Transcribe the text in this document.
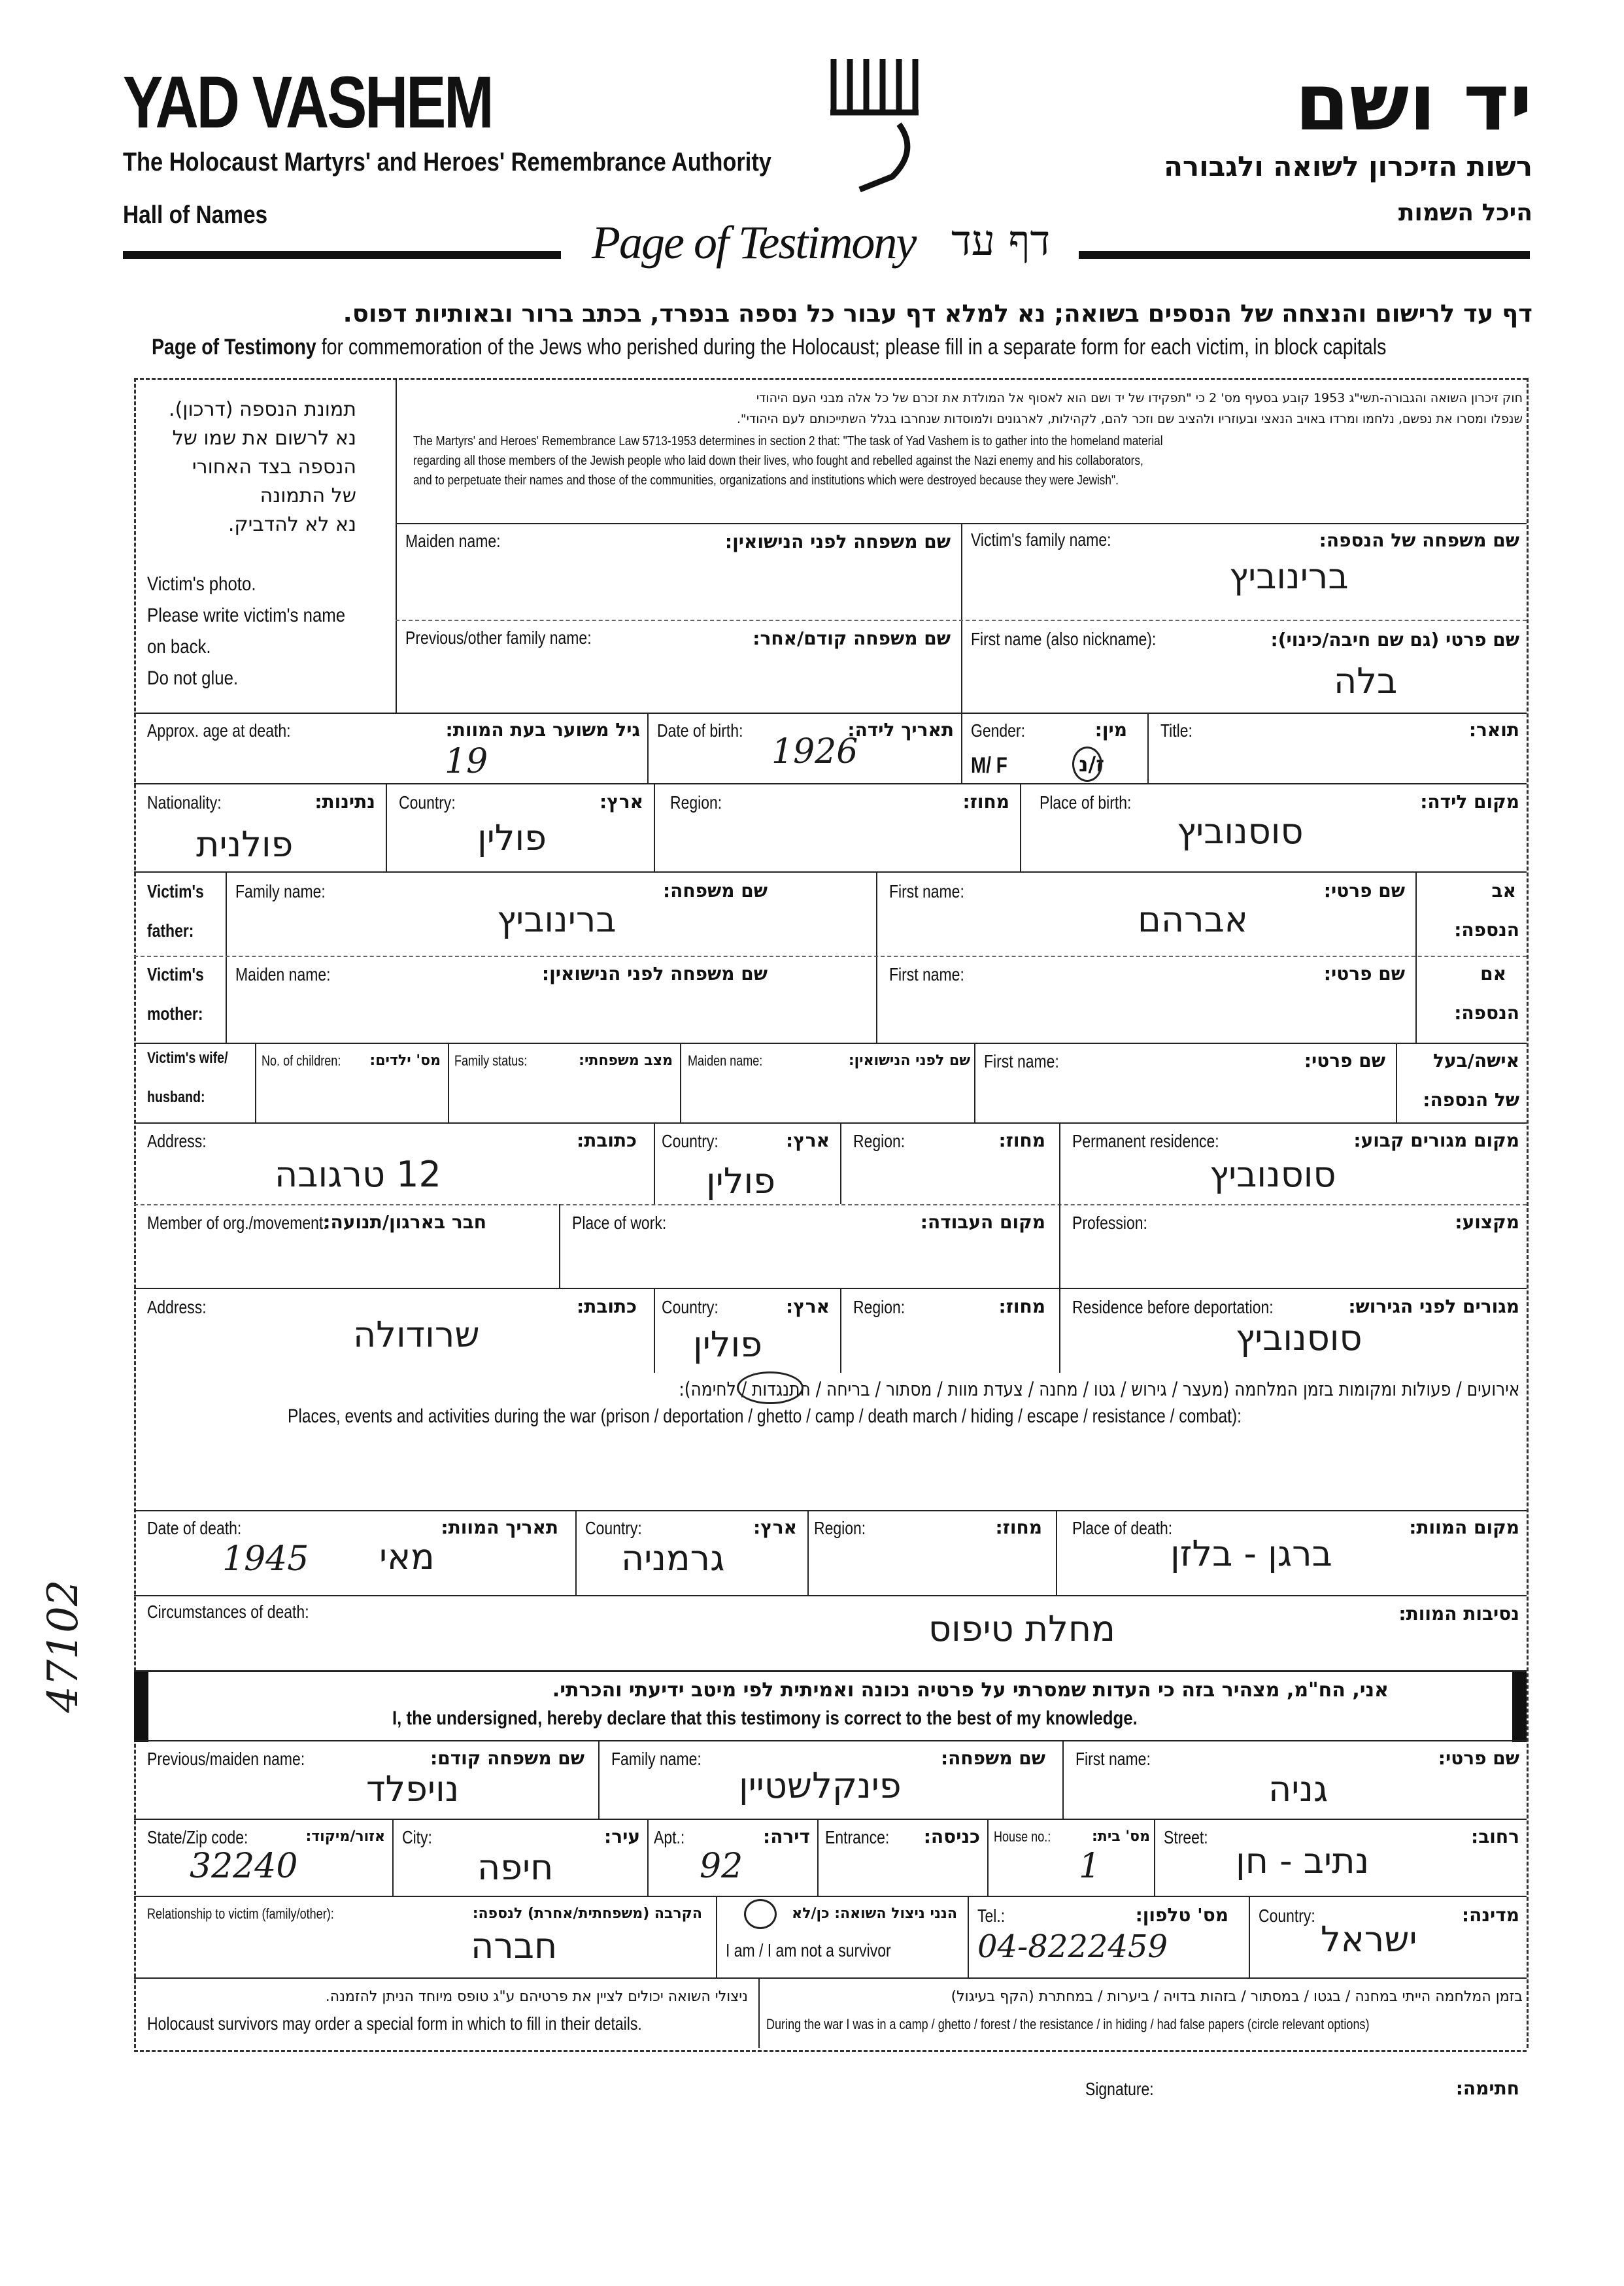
YAD VASHEM	יד ושם
The Holocaust Martyrs' and Heroes' Remembrance Authority	רשות הזיכרון לשואה ולגבורה
Hall of Names	היכל השמות
Page of Testimony דף עד
דף עד לרישום והנצחה של הנספים בשואה; נא למלא דף עבור כל נספה בנפרד, בכתב ברור ובאותיות דפוס.
Page of Testimony for commemoration of the Jews who perished during the Holocaust; please fill in a separate form for each victim, in block capitals
תמונת הנספה (דרכון).
נא לרשום את שמו של
הנספה בצד האחורי
של התמונה
נא לא להדביק.
Victim's photo.
Please write victim's name
on back.
Do not glue.
חוק זיכרון השואה והגבורה-תשי"ג 1953 קובע בסעיף מס' 2 כי "תפקידו של יד ושם הוא לאסוף אל המולדת את זכרם של כל אלה מבני העם היהודי
שנפלו ומסרו את נפשם, נלחמו ומרדו באויב הנאצי ובעוזריו ולהציב שם וזכר להם, לקהילות, לארגונים ולמוסדות שנחרבו בגלל השתייכותם לעם היהודי".
The Martyrs' and Heroes' Remembrance Law 5713-1953 determines in section 2 that: "The task of Yad Vashem is to gather into the homeland material
regarding all those members of the Jewish people who laid down their lives, who fought and rebelled against the Nazi enemy and his collaborators,
and to perpetuate their names and those of the communities, organizations and institutions which were destroyed because they were Jewish".
Maiden name:	שם משפחה לפני הנישואין:
Previous/other family name:	שם משפחה קודם/אחר:
Victim's family name:	שם משפחה של הנספה:
ברינוביץ
First name (also nickname):	שם פרטי (גם שם חיבה/כינוי):
בלה
Approx. age at death:	גיל משוער בעת המוות:
19
Date of birth:	תאריך לידה:
1926
Gender:	מין:
M/ F	ז/נ
Title:	תואר:
Nationality:	נתינות:
פולנית
Country:	ארץ:
פולין
Region:	מחוז: Place of birth:	מקום לידה:
סוסנוביץ
Victim's
father:
Family name:	שם משפחה:
ברינוביץ
First name:	שם פרטי:
אברהם
אב
הנספה:
Victim's
mother:
Maiden name:	שם משפחה לפני הנישואין:	First name:	שם פרטי:	אם
הנספה:
Victim's wife/
husband:
No. of children: מס' ילדים: Family status:	מצב משפחתי: Maiden name:	שם לפני הנישואין: First name:	שם פרטי:	אישה/בעל
של הנספה:
Address:	כתובת:
12 טרגובה
Country:	ארץ:
פולין
Region:	מחוז: Permanent residence:	מקום מגורים קבוע:
סוסנוביץ
Member of org./movement:
חבר בארגון/תנועה:	Place of work:	מקום העבודה: Profession:	מקצוע:
Address:	כתובת:
שרודולה
Country:	ארץ:
פולין
Region:	מחוז: Residence before deportation:	מגורים לפני הגירוש:
סוסנוביץ
אירועים / פעולות ומקומות בזמן המלחמה (מעצר / גירוש / גטו / מחנה / צעדת מוות / מסתור / בריחה / התנגדות / לחימה):
Places, events and activities during the war (prison / deportation / ghetto / camp / death march / hiding / escape / resistance / combat):
Date of death:	תאריך המוות:
1945 מאי
Country:	ארץ:
גרמניה
Region:	מחוז: Place of death:	מקום המוות:
ברגן - בלזן
Circumstances of death:	נסיבות המוות:
מחלת טיפוס
אני, הח"מ, מצהיר בזה כי העדות שמסרתי על פרטיה נכונה ואמיתית לפי מיטב ידיעתי והכרתי.
I, the undersigned, hereby declare that this testimony is correct to the best of my knowledge.
Previous/maiden name:	שם משפחה קודם:
נויפלד
Family name:	שם משפחה:
פינקלשטיין
First name:	שם פרטי:
גניה
State/Zip code:	אזור/מיקוד:
32240
City:	עיר:
חיפה
Apt.:	דירה:
92
Entrance: כניסה: House no.:	מס' בית:
1
Street:	רחוב:
נתיב - חן
Relationship to victim (family/other):	הקרבה (משפחתית/אחרת) לנספה:
חברה
הנני ניצול השואה: כן/לא
I am / I am not a survivor
Tel.:	מס' טלפון:
04-8222459
Country:	מדינה:
ישראל
ניצולי השואה יכולים לציין את פרטיהם ע"ג טופס מיוחד הניתן להזמנה.
Holocaust survivors may order a special form in which to fill in their details.
בזמן המלחמה הייתי במחנה / בגטו / במסתור / בזהות בדויה / ביערות / במחתרת (הקף בעיגול)
During the war I was in a camp / ghetto / forest / the resistance / in hiding / had false papers (circle relevant options)
Signature:	חתימה:
47102
